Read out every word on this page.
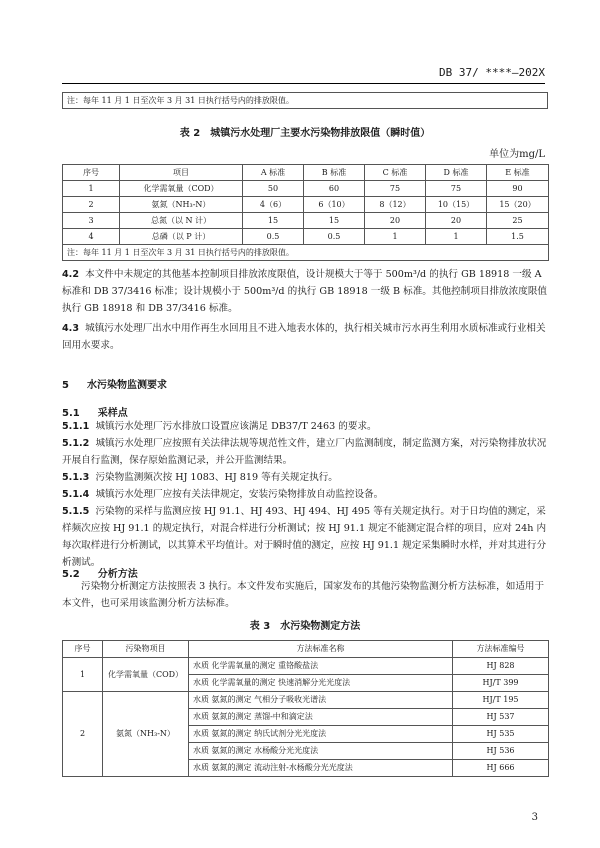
DB 37/ ****—202X
注：每年 11 月 1 日至次年 3 月 31 日执行括号内的排放限值。
表 2　城镇污水处理厂主要水污染物排放限值（瞬时值）
单位为mg/L
序号	项目	A 标准	B 标准	C 标准	D 标准	E 标准
1	化学需氧量（COD）	50	60	75	75	90
2	氨氮（NH₃-N）	4（6）	6（10）	8（12）	10（15）	15（20）
3	总氮（以 N 计）	15	15	20	20	25
4	总磷（以 P 计）	0.5	0.5	1	1	1.5
注：每年 11 月 1 日至次年 3 月 31 日执行括号内的排放限值。						
4.2 本文件中未规定的其他基本控制项目排放浓度限值，设计规模大于等于 500m³/d 的执行 GB 18918 一级 A 标准和 DB 37/3416 标准；设计规模小于 500m³/d 的执行 GB 18918 一级 B 标准。其他控制项目排放浓度限值执行 GB 18918 和 DB 37/3416 标准。
4.3 城镇污水处理厂出水中用作再生水回用且不进入地表水体的，执行相关城市污水再生利用水质标准或行业相关回用水要求。
5 水污染物监测要求
5.1 采样点
5.1.1 城镇污水处理厂污水排放口设置应该满足 DB37/T 2463 的要求。
5.1.2 城镇污水处理厂应按照有关法律法规等规范性文件，建立厂内监测制度，制定监测方案，对污染物排放状况开展自行监测，保存原始监测记录，并公开监测结果。
5.1.3 污染物监测频次按 HJ 1083、HJ 819 等有关规定执行。
5.1.4 城镇污水处理厂应按有关法律规定，安装污染物排放自动监控设备。
5.1.5 污染物的采样与监测应按 HJ 91.1、HJ 493、HJ 494、HJ 495 等有关规定执行。对于日均值的测定，采样频次应按 HJ 91.1 的规定执行，对混合样进行分析测试；按 HJ 91.1 规定不能测定混合样的项目，应对 24h 内每次取样进行分析测试，以其算术平均值计。对于瞬时值的测定，应按 HJ 91.1 规定采集瞬时水样，并对其进行分析测试。
5.2 分析方法
污染物分析测定方法按照表 3 执行。本文件发布实施后，国家发布的其他污染物监测分析方法标准，如适用于本文件，也可采用该监测分析方法标准。
表 3　水污染物测定方法
序号	污染物项目	方法标准名称	方法标准编号
1	化学需氧量（COD）	水质 化学需氧量的测定 重铬酸盐法	HJ 828
		水质 化学需氧量的测定 快速消解分光光度法	HJ/T 399
2	氨氮（NH₃-N）	水质 氨氮的测定 气相分子吸收光谱法	HJ/T 195
		水质 氨氮的测定 蒸馏-中和滴定法	HJ 537
		水质 氨氮的测定 纳氏试剂分光光度法	HJ 535
		水质 氨氮的测定 水杨酸分光光度法	HJ 536
		水质 氨氮的测定 流动注射-水杨酸分光光度法	HJ 666
3
